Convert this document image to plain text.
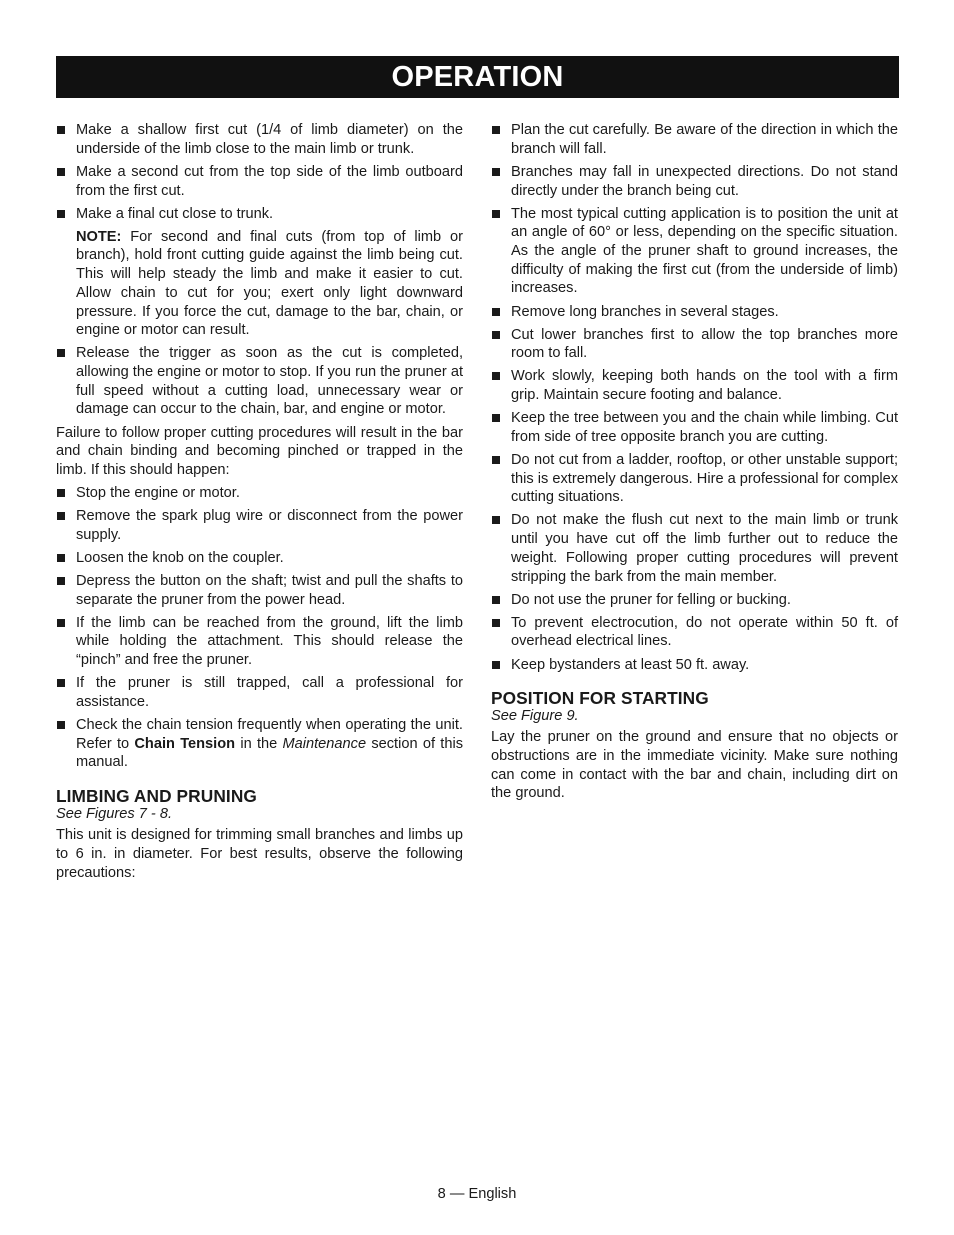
OPERATION
Make a shallow first cut (1/4 of limb diameter) on the underside of the limb close to the main limb or trunk.
Make a second cut from the top side of the limb outboard from the first cut.
Make a final cut close to trunk.
NOTE: For second and final cuts (from top of limb or branch), hold front cutting guide against the limb being cut. This will help steady the limb and make it easier to cut. Allow chain to cut for you; exert only light downward pressure. If you force the cut, damage to the bar, chain, or engine or motor can result.
Release the trigger as soon as the cut is completed, allowing the engine or motor to stop. If you run the pruner at full speed without a cutting load, unnecessary wear or damage can occur to the chain, bar, and engine or motor.
Failure to follow proper cutting procedures will result in the bar and chain binding and becoming pinched or trapped in the limb. If this should happen:
Stop the engine or motor.
Remove the spark plug wire or disconnect from the power supply.
Loosen the knob on the coupler.
Depress the button on the shaft; twist and pull the shafts to separate the pruner from the power head.
If the limb can be reached from the ground, lift the limb while holding the attachment. This should release the “pinch” and free the pruner.
If the pruner is still trapped, call a professional for assistance.
Check the chain tension frequently when operating the unit. Refer to Chain Tension in the Maintenance section of this manual.
LIMBING AND PRUNING
See Figures 7 - 8.
This unit is designed for trimming small branches and limbs up to 6 in. in diameter. For best results, observe the following precautions:
Plan the cut carefully. Be aware of the direction in which the branch will fall.
Branches may fall in unexpected directions. Do not stand directly under the branch being cut.
The most typical cutting application is to position the unit at an angle of 60° or less, depending on the specific situation. As the angle of the pruner shaft to ground increases, the difficulty of making the first cut (from the underside of limb) increases.
Remove long branches in several stages.
Cut lower branches first to allow the top branches more room to fall.
Work slowly, keeping both hands on the tool with a firm grip. Maintain secure footing and balance.
Keep the tree between you and the chain while limbing. Cut from side of tree opposite branch you are cutting.
Do not cut from a ladder, rooftop, or other unstable support; this is extremely dangerous. Hire a professional for complex cutting situations.
Do not make the flush cut next to the main limb or trunk until you have cut off the limb further out to reduce the weight. Following proper cutting procedures will prevent stripping the bark from the main member.
Do not use the pruner for felling or bucking.
To prevent electrocution, do not operate within 50 ft. of overhead electrical lines.
Keep bystanders at least 50 ft. away.
POSITION FOR STARTING
See Figure 9.
Lay the pruner on the ground and ensure that no objects or obstructions are in the immediate vicinity. Make sure nothing can come in contact with the bar and chain, including dirt on the ground.
8 — English
